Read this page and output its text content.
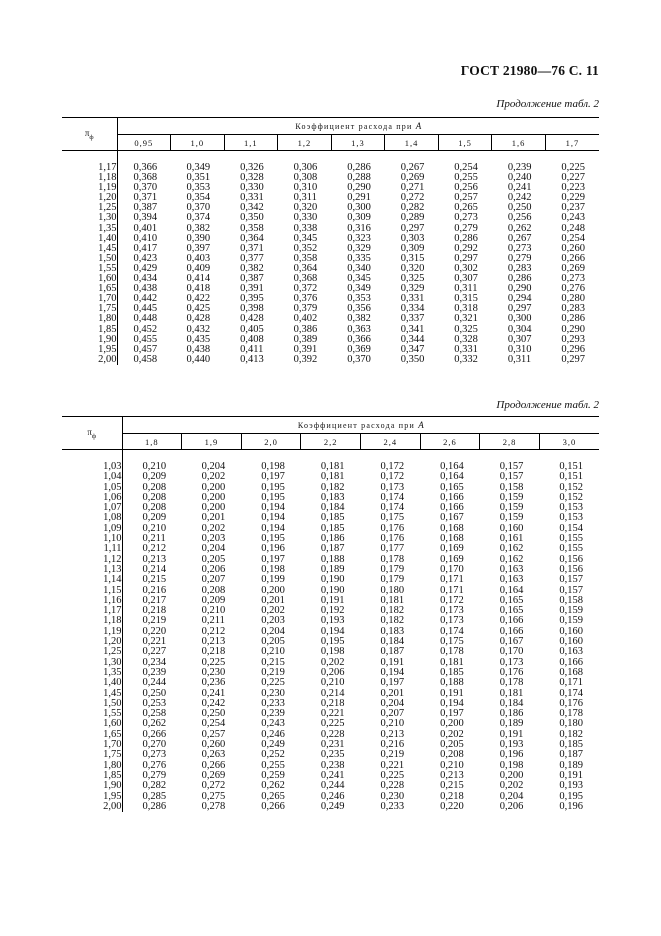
ГОСТ 21980—76 С. 11
Продолжение табл. 2
$\pi_ф$	Коэффициент расхода при A								
	0,95	1,0	1,1	1,2	1,3	1,4	1,5	1,6	1,7

1,17	0,366	0,349	0,326	0,306	0,286	0,267	0,254	0,239	0,225
1,18	0,368	0,351	0,328	0,308	0,288	0,269	0,255	0,240	0,227
1,19	0,370	0,353	0,330	0,310	0,290	0,271	0,256	0,241	0,223
1,20	0,371	0,354	0,331	0,311	0,291	0,272	0,257	0,242	0,229
1,25	0,387	0,370	0,342	0,320	0,300	0,282	0,265	0,250	0,237
1,30	0,394	0,374	0,350	0,330	0,309	0,289	0,273	0,256	0,243
1,35	0,401	0,382	0,358	0,338	0,316	0,297	0,279	0,262	0,248
1,40	0,410	0,390	0,364	0,345	0,323	0,303	0,286	0,267	0,254
1,45	0,417	0,397	0,371	0,352	0,329	0,309	0,292	0,273	0,260
1,50	0,423	0,403	0,377	0,358	0,335	0,315	0,297	0,279	0,266
1,55	0,429	0,409	0,382	0,364	0,340	0,320	0,302	0,283	0,269
1,60	0,434	0,414	0,387	0,368	0,345	0,325	0,307	0,286	0,273
1,65	0,438	0,418	0,391	0,372	0,349	0,329	0,311	0,290	0,276
1,70	0,442	0,422	0,395	0,376	0,353	0,331	0,315	0,294	0,280
1,75	0,445	0,425	0,398	0,379	0,356	0,334	0,318	0,297	0,283
1,80	0,448	0,428	0,428	0,402	0,382	0,337	0,321	0,300	0,286
1,85	0,452	0,432	0,405	0,386	0,363	0,341	0,325	0,304	0,290
1,90	0,455	0,435	0,408	0,389	0,366	0,344	0,328	0,307	0,293
1,95	0,457	0,438	0,411	0,391	0,369	0,347	0,331	0,310	0,296
2,00	0,458	0,440	0,413	0,392	0,370	0,350	0,332	0,311	0,297
Продолжение табл. 2
$\pi_ф$	Коэффициент расхода при A							
	1,8	1,9	2,0	2,2	2,4	2,6	2,8	3,0

1,03	0,210	0,204	0,198	0,181	0,172	0,164	0,157	0,151
1,04	0,209	0,202	0,197	0,181	0,172	0,164	0,157	0,151
1,05	0,208	0,200	0,195	0,182	0,173	0,165	0,158	0,152
1,06	0,208	0,200	0,195	0,183	0,174	0,166	0,159	0,152
1,07	0,208	0,200	0,194	0,184	0,174	0,166	0,159	0,153
1,08	0,209	0,201	0,194	0,185	0,175	0,167	0,159	0,153
1,09	0,210	0,202	0,194	0,185	0,176	0,168	0,160	0,154
1,10	0,211	0,203	0,195	0,186	0,176	0,168	0,161	0,155
1,11	0,212	0,204	0,196	0,187	0,177	0,169	0,162	0,155
1,12	0,213	0,205	0,197	0,188	0,178	0,169	0,162	0,156
1,13	0,214	0,206	0,198	0,189	0,179	0,170	0,163	0,156
1,14	0,215	0,207	0,199	0,190	0,179	0,171	0,163	0,157
1,15	0,216	0,208	0,200	0,190	0,180	0,171	0,164	0,157
1,16	0,217	0,209	0,201	0,191	0,181	0,172	0,165	0,158
1,17	0,218	0,210	0,202	0,192	0,182	0,173	0,165	0,159
1,18	0,219	0,211	0,203	0,193	0,182	0,173	0,166	0,159
1,19	0,220	0,212	0,204	0,194	0,183	0,174	0,166	0,160
1,20	0,221	0,213	0,205	0,195	0,184	0,175	0,167	0,160
1,25	0,227	0,218	0,210	0,198	0,187	0,178	0,170	0,163
1,30	0,234	0,225	0,215	0,202	0,191	0,181	0,173	0,166
1,35	0,239	0,230	0,219	0,206	0,194	0,185	0,176	0,168
1,40	0,244	0,236	0,225	0,210	0,197	0,188	0,178	0,171
1,45	0,250	0,241	0,230	0,214	0,201	0,191	0,181	0,174
1,50	0,253	0,242	0,233	0,218	0,204	0,194	0,184	0,176
1,55	0,258	0,250	0,239	0,221	0,207	0,197	0,186	0,178
1,60	0,262	0,254	0,243	0,225	0,210	0,200	0,189	0,180
1,65	0,266	0,257	0,246	0,228	0,213	0,202	0,191	0,182
1,70	0,270	0,260	0,249	0,231	0,216	0,205	0,193	0,185
1,75	0,273	0,263	0,252	0,235	0,219	0,208	0,196	0,187
1,80	0,276	0,266	0,255	0,238	0,221	0,210	0,198	0,189
1,85	0,279	0,269	0,259	0,241	0,225	0,213	0,200	0,191
1,90	0,282	0,272	0,262	0,244	0,228	0,215	0,202	0,193
1,95	0,285	0,275	0,265	0,246	0,230	0,218	0,204	0,195
2,00	0,286	0,278	0,266	0,249	0,233	0,220	0,206	0,196
